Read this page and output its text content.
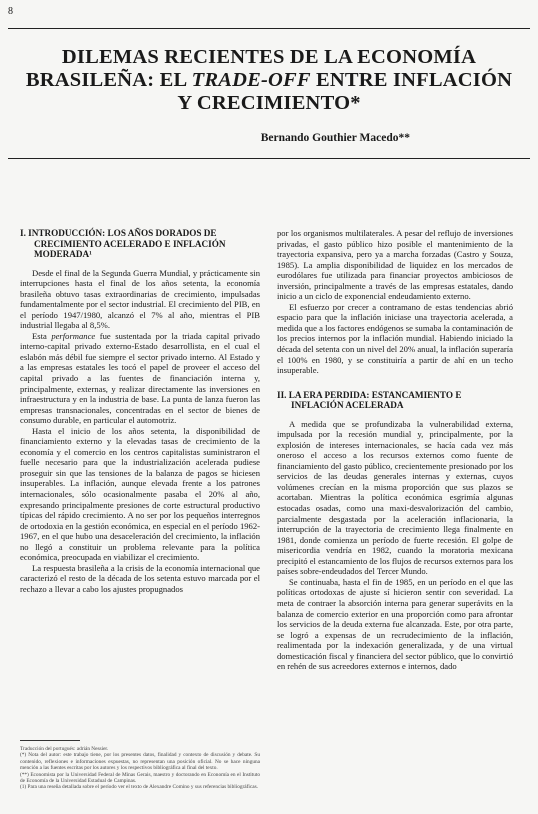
8
DILEMAS RECIENTES DE LA ECONOMÍA
BRASILEÑA: EL TRADE-OFF ENTRE INFLACIÓN
Y CRECIMIENTO*
Bernando Gouthier Macedo**
I. INTRODUCCIÓN: LOS AÑOS DORADOS DE CRECIMIENTO ACELERADO E INFLACIÓN MODERADA¹

Desde el final de la Segunda Guerra Mundial, y prácticamente sin interrupciones hasta el final de los años setenta, la economía brasileña obtuvo tasas extraordinarias de crecimiento, impulsadas fundamentalmente por el sector industrial. El crecimiento del PIB, en el período 1947/1980, alcanzó el 7% al año, mientras el PIB industrial llegaba al 8,5%.

Esta performance fue sustentada por la triada capital privado interno-capital privado externo-Estado desarrollista, en el cual el eslabón más débil fue siempre el sector privado interno. Al Estado y a las empresas estatales les tocó el papel de proveer el acceso del capital privado a las fuentes de financiación interna y, principalmente, externas, y realizar directamente las inversiones en infraestructura y en la industria de base. La punta de lanza fueron las empresas transnacionales, concentradas en el sector de bienes de consumo durable, en particular el automotriz.

Hasta el inicio de los años setenta, la disponibilidad de financiamiento externo y la elevadas tasas de crecimiento de la economía y el comercio en los centros capitalistas suministraron el fuelle necesario para que la industrialización acelerada pudiese proseguir sin que las tensiones de la balanza de pagos se hiciesen insuperables. La inflación, aunque elevada frente a los patrones internacionales, sólo ocasionalmente pasaba el 20% al año, expresando principalmente presiones de corte estructural productivo típicas del rápido crecimiento. A no ser por los pequeños interregnos de ortodoxia en la gestión económica, en especial en el período 1962-1967, en el que hubo una desaceleración del crecimiento, la inflación no llegó a constituir un problema relevante para la política económica, preocupada en viabilizar el crecimiento.

La respuesta brasileña a la crisis de la economía internacional que caracterizó el resto de la década de los setenta estuvo marcada por el rechazo a llevar a cabo los ajustes propugnados

por los organismos multilaterales. A pesar del reflujo de inversiones privadas, el gasto público hizo posible el mantenimiento de la trayectoria expansiva, pero ya a marcha forzadas (Castro y Souza, 1985). La amplia disponibilidad de liquidez en los mercados de eurodólares fue utilizada para financiar proyectos ambiciosos de inversión, principalmente a través de las empresas estatales, dando inicio a un ciclo de exponencial endeudamiento externo.

El esfuerzo por crecer a contramano de estas tendencias abrió espacio para que la inflación iniciase una trayectoria acelerada, a medida que a los factores endógenos se sumaba la contaminación de los precios internos por la inflación mundial. Habiendo iniciado la década del setenta con un nivel del 20% anual, la inflación superaría el 100% en 1980, y se constituiría a partir de ahí en un techo insuperable.

II. LA ERA PERDIDA: ESTANCAMIENTO E INFLACIÓN ACELERADA

A medida que se profundizaba la vulnerabilidad externa, impulsada por la recesión mundial y, principalmente, por la explosión de intereses internacionales, se hacía cada vez más oneroso el acceso a los recursos externos como fuente de financiamiento del gasto público, crecientemente presionado por los servicios de las deudas generales internas y externas, cuyos volúmenes crecían en la misma proporción que sus plazos se acortaban. Mientras la política económica esgrimía algunas estocadas osadas, como una maxi-desvalorización del cambio, parcialmente desgastada por la aceleración inflacionaria, la interrupción de la trayectoria de crecimiento llega finalmente en 1981, donde comienza un período de fuerte recesión. El golpe de misericordia vendría en 1982, cuando la moratoria mexicana precipitó el estancamiento de los flujos de recursos externos para los países sobre-endeudados del Tercer Mundo.

Se continuaba, hasta el fin de 1985, en un período en el que las políticas ortodoxas de ajuste sí hicieron sentir con severidad. La meta de contraer la absorción interna para generar superávits en la balanza de comercio exterior en una proporción como para afrontar los servicios de la deuda externa fue alcanzada. Este, por otra parte, se logró a expensas de un recrudecimiento de la inflación, realimentada por la indexación generalizada, y de una virtual domesticación fiscal y financiera del sector público, que lo convirtió en rehén de sus acreedores externos e internos, dado

Traducción del portugués: adrián Nessier.
(*) Nota del autor: este trabajo tiene, por los presentes datos, finalidad y contexto de discusión y debate. Su contenido, reflexiones e informaciones expuestas, no representan una posición oficial. No se hace ninguna mención a las fuentes escritas por los autores y los respectivos bibliográfica al final del texto.
(**) Economista por la Universidad Federal de Minas Gerais, maestro y doctorando en Economía en el Instituto de Economía de la Universidad Estadual de Campinas.
(1) Para una reseña detallada sobre el período ver el texto de Alexandre Comino y sus referencias bibliográficas.
